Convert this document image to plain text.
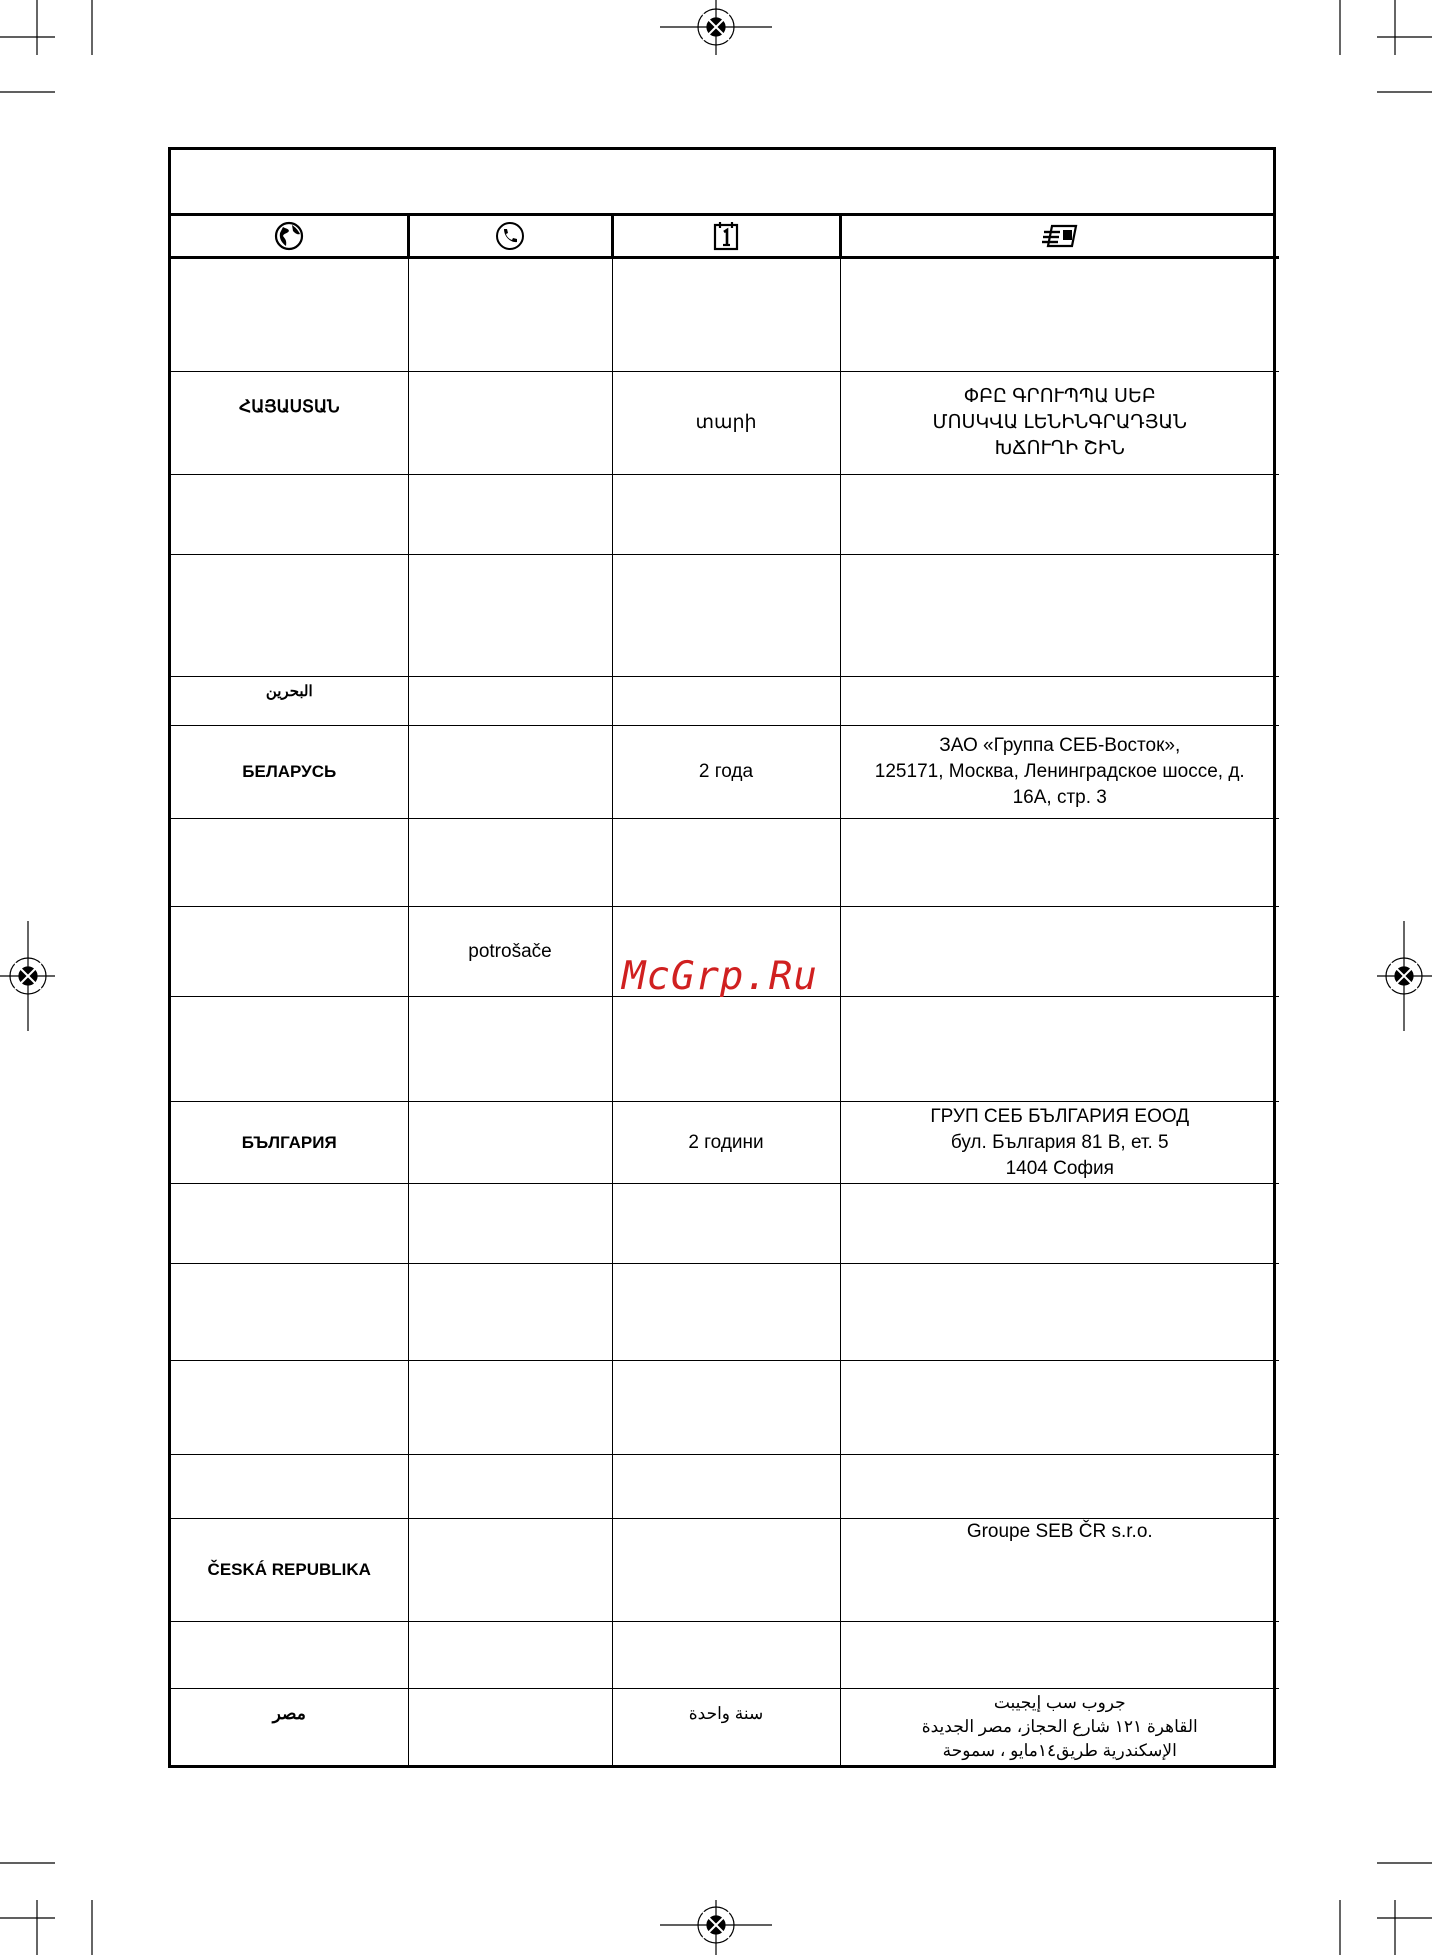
ՀԱՅԱՍՏԱՆ		տարի	ՓԲԸ ԳՐՈՒՊՊԱ ՍԵԲ
ՄՈՍԿՎԱ ԼԵՆԻՆԳՐԱԴՅԱՆ
ԽՃՈՒՂԻ ՇԻՆ

البحرين			
БЕЛАРУСЬ		2 года	ЗАО «Группа СЕБ-Восток»,
125171, Москва, Ленинградское шоссе, д.
16А, стр. 3

	potrošače		

БЪЛГАРИЯ		2 години	ГРУП СЕБ БЪЛГАРИЯ ЕООД
бул. България 81 В, ет. 5
1404 София

ČESKÁ REPUBLIKA			Groupe SEB ČR s.r.o.

مصر		سنة واحدة	جروب سب إيجيبت
القاهرة ١٢١ شارع الحجاز، مصر الجديدة
الإسكندرية طريق١٤مايو ، سموحة
McGrp.Ru
